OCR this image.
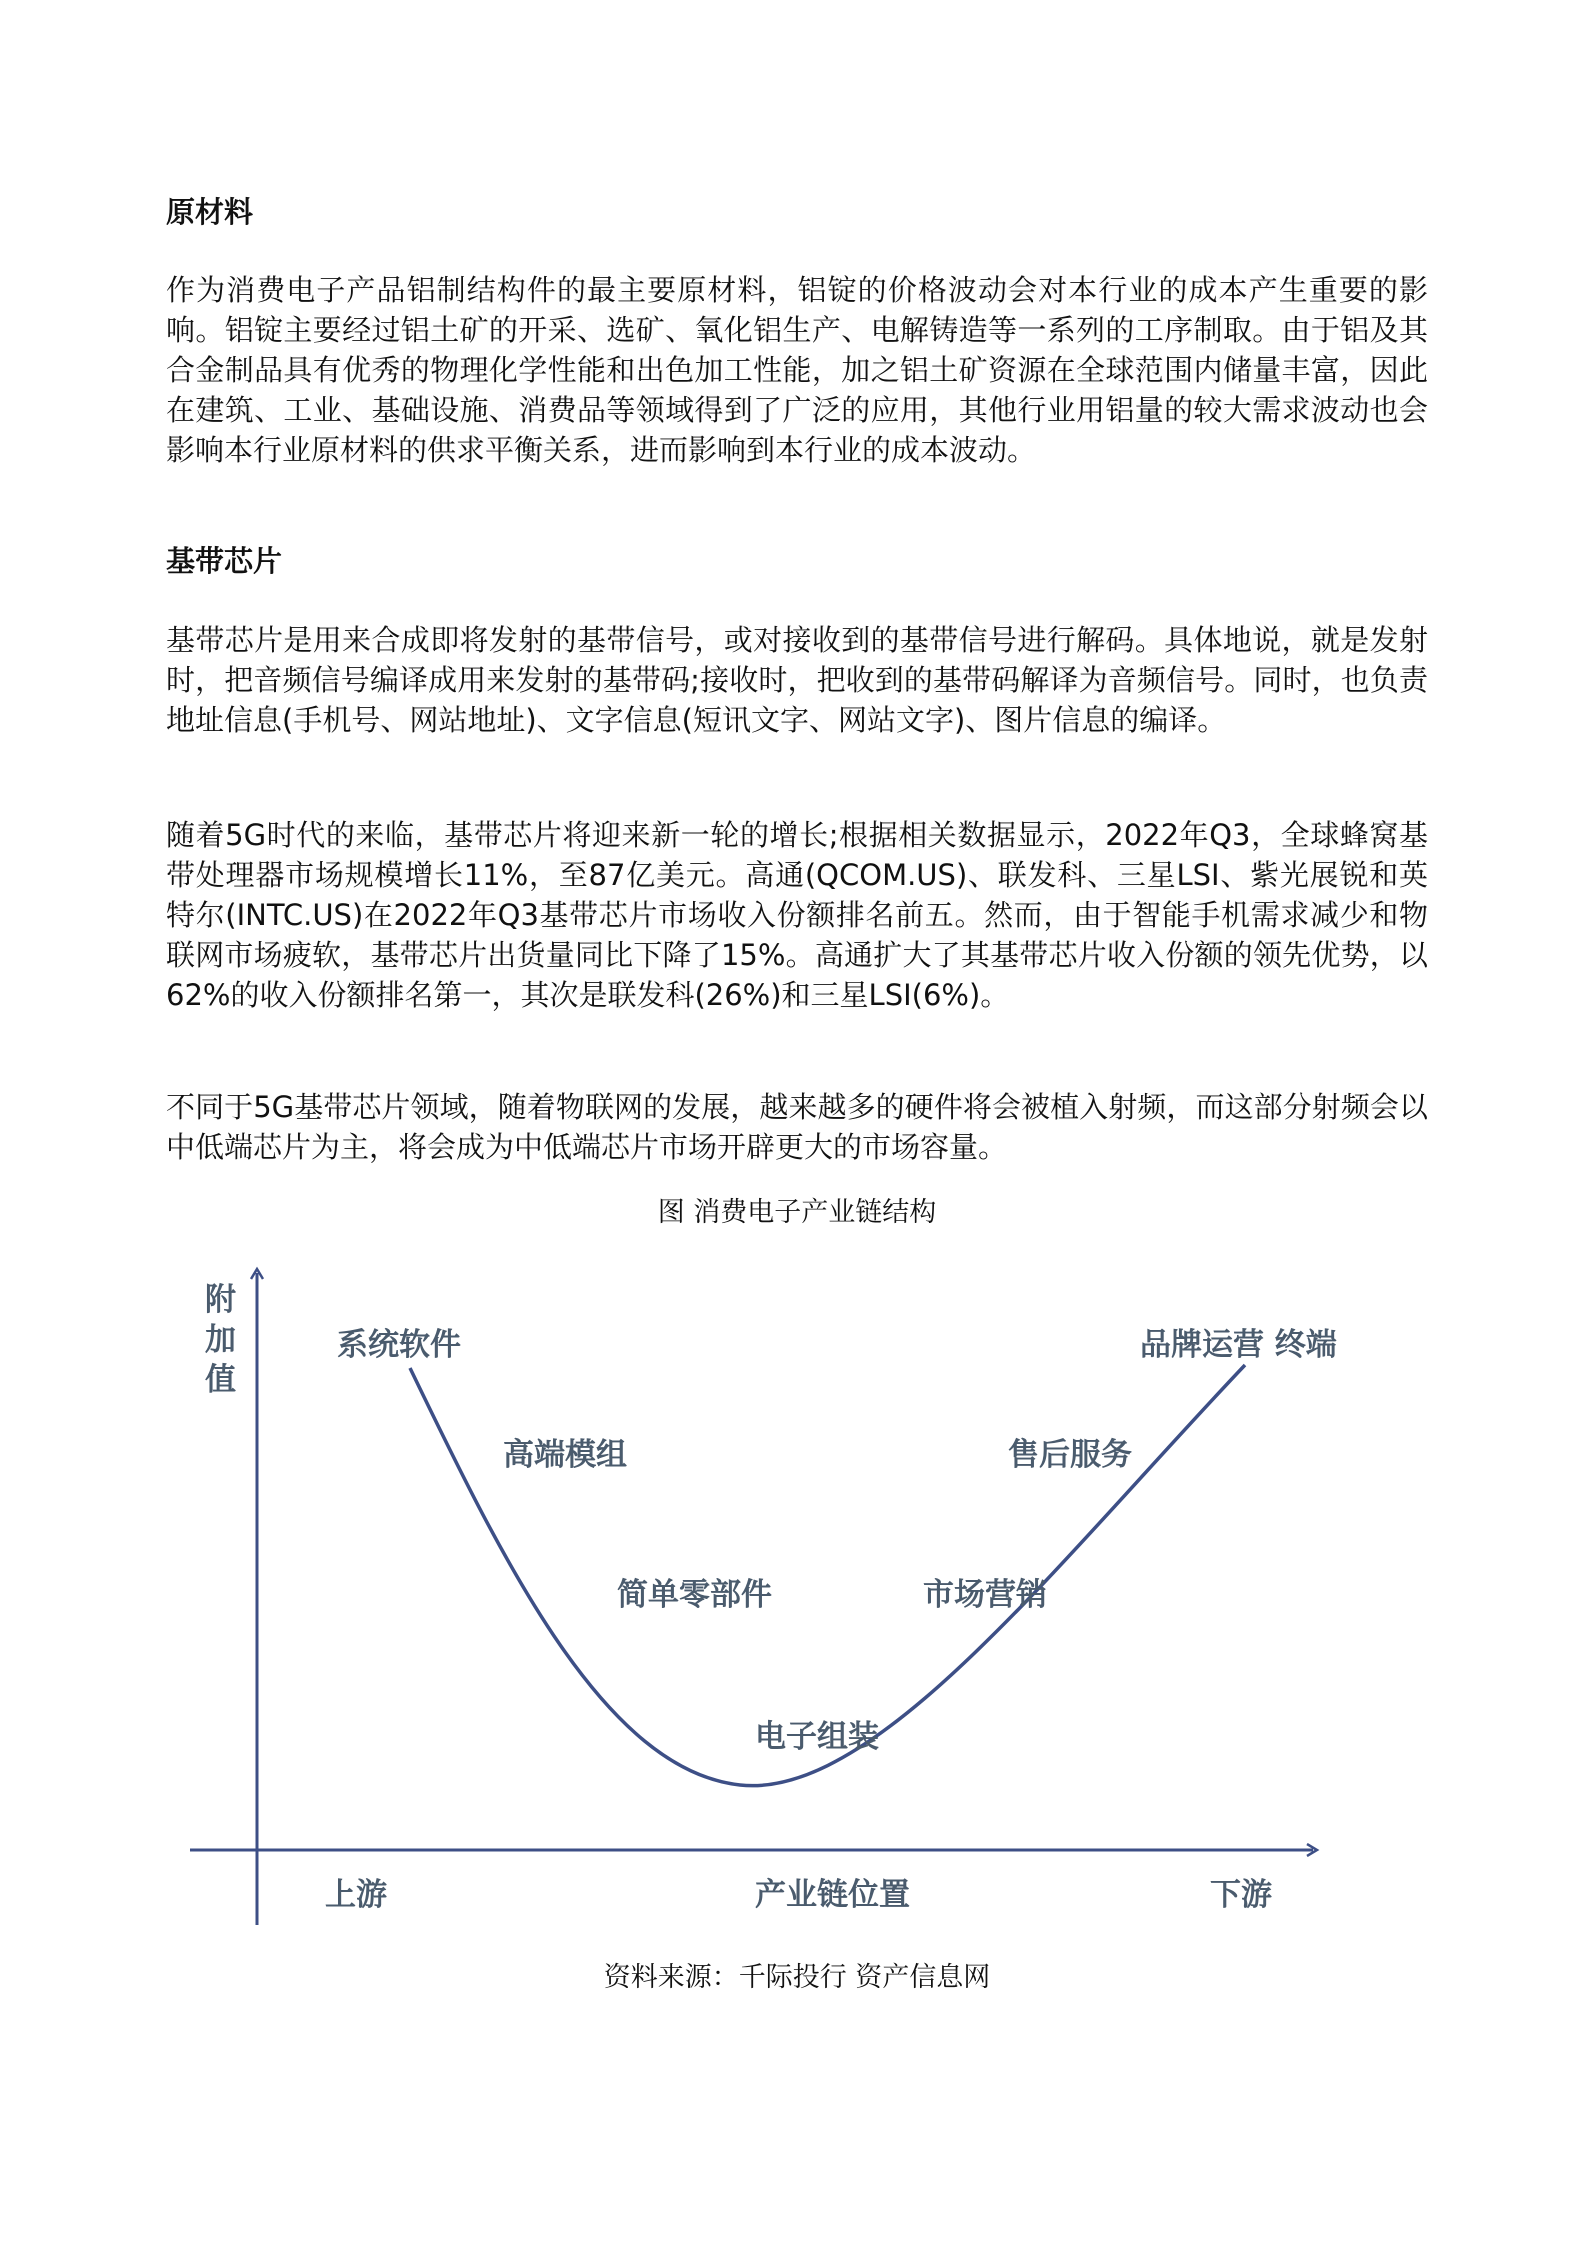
原材料

作为消费电子产品铝制结构件的最主要原材料，铝锭的价格波动会对本行业的成本产生重要的影响。铝锭主要经过铝土矿的开采、选矿、氧化铝生产、电解铸造等一系列的工序制取。由于铝及其合金制品具有优秀的物理化学性能和出色加工性能，加之铝土矿资源在全球范围内储量丰富，因此在建筑、工业、基础设施、消费品等领域得到了广泛的应用，其他行业用铝量的较大需求波动也会影响本行业原材料的供求平衡关系，进而影响到本行业的成本波动。

基带芯片

基带芯片是用来合成即将发射的基带信号，或对接收到的基带信号进行解码。具体地说，就是发射时，把音频信号编译成用来发射的基带码;接收时，把收到的基带码解译为音频信号。同时，也负责地址信息(手机号、网站地址)、文字信息(短讯文字、网站文字)、图片信息的编译。

随着5G时代的来临，基带芯片将迎来新一轮的增长;根据相关数据显示，2022年Q3，全球蜂窝基带处理器市场规模增长11%，至87亿美元。高通(QCOM.US)、联发科、三星LSI、紫光展锐和英特尔(INTC.US)在2022年Q3基带芯片市场收入份额排名前五。然而，由于智能手机需求减少和物联网市场疲软，基带芯片出货量同比下降了15%。高通扩大了其基带芯片收入份额的领先优势，以62%的收入份额排名第一，其次是联发科(26%)和三星LSI(6%)。

不同于5G基带芯片领域，随着物联网的发展，越来越多的硬件将会被植入射频，而这部分射频会以中低端芯片为主，将会成为中低端芯片市场开辟更大的市场容量。

图 消费电子产业链结构

资料来源：千际投行 资产信息网

附
加
值
系统软件
高端模组
简单零部件
电子组装
市场营销
售后服务
品牌运营 终端
上游	产业链位置	下游
